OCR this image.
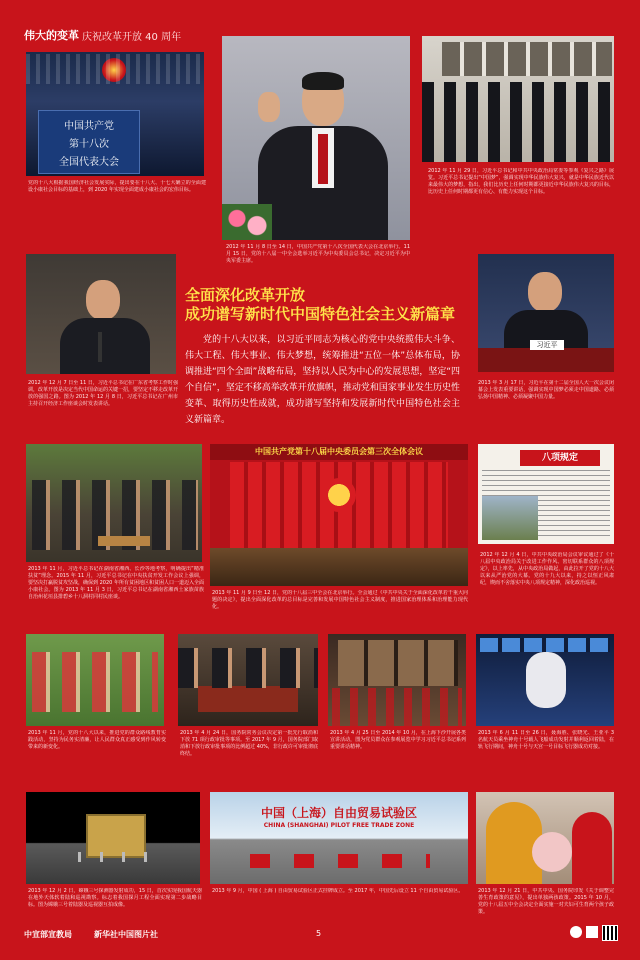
伟大的变革 庆祝改革开放 40 周年
中国共产党
第十八次
全国代表大会
党的十八大根据我国经济社会发展实际，提出要在十八大、十七大确立的全面建设小康社会目标的基础上，到 2020 年实现全面建成小康社会的宏伟目标。
2012 年 11 月 8 日至 14 日，中国共产党第十八次全国代表大会在北京举行。11 月 15 日，党的十八届一中全会选举习近平为中央委员会总书记，决定习近平为中央军委主席。
2012 年 11 月 29 日，习近平总书记和中共中央政治局常委等参观《复兴之路》展览。习近平总书记提出“中国梦”，强调实现中华民族伟大复兴，就是中华民族近代以来最伟大的梦想，指出，我们比历史上任何时期都更接近中华民族伟大复兴的目标，比历史上任何时期都更有信心、有能力实现这个目标。
2012 年 12 月 7 日至 11 日，习近平总书记在广东省考察工作时强调，改革开放是决定当代中国命运的关键一招，要坚定不移走改革开放的强国之路。图为 2012 年 12 月 8 日，习近平总书记在广州市主持召开经济工作座谈会时发表讲话。
全面深化改革开放
成功谱写新时代中国特色社会主义新篇章
党的十八大以来，以习近平同志为核心的党中央统揽伟大斗争、伟大工程、伟大事业、伟大梦想，统筹推进“五位一体”总体布局，协调推进“四个全面”战略布局，坚持以人民为中心的发展思想，坚定“四个自信”，坚定不移高举改革开放旗帜，推动党和国家事业发生历史性变革、取得历史性成就，成功谱写坚持和发展新时代中国特色社会主义新篇章。
习近平
2013 年 3 月 17 日，习近平在第十二届全国人大一次会议闭幕会上发表重要讲话，强调实现中国梦必须走中国道路、必须弘扬中国精神、必须凝聚中国力量。
2013 年 11 月，习近平总书记在湖南省湘西、长沙等地考察，明确提出“精准扶贫”理念。2015 年 11 月，习近平总书记在中央扶贫开发工作会议上强调，要坚决打赢脱贫攻坚战，确保到 2020 年所有贫困地区和贫困人口一道迈入全面小康社会。图为 2013 年 11 月 3 日，习近平总书记在湖南省湘西土家族苗族自治州花垣县排碧乡十八洞村同村民座谈。
中国共产党第十八届中央委员会第三次全体会议
2013 年 11 月 9 日至 12 日，党的十八届三中全会在北京举行。全会通过《中共中央关于全面深化改革若干重大问题的决定》，提出全面深化改革的总目标是完善和发展中国特色社会主义制度，推进国家治理体系和治理能力现代化。
八项规定
2012 年 12 月 4 日，中共中央政治局会议审议通过了《十八届中央政治局关于改进工作作风、密切联系群众的八项规定》，以上率先，从中央政治局做起，由此拉开了党的十八大以来从严治党的大幕。党的十九大以来，持之以恒正风肃纪，锲而不舍落实中央八项规定精神，深化政治巡视。
2013 年 11 月，党的十八大以来，推进党的群众路线教育实践活动，坚持为民务实清廉，让人民群众真正感受到作风转变带来的新变化。
2013 年 4 月 24 日，国务院常务会议决定第一批先行取消和下放 71 项行政审批等事项。至 2017 年 9 月，国务院部门取消和下放行政审批事项的比例超过 40%，非行政许可审批彻底终结。
2013 年 4 月 25 日至 2014 年 10 月，在上海下沙开展各类宣讲活动，图为党员群众在参观展览中学习习近平总书记系列重要讲话精神。
2013 年 6 月 11 日至 26 日，聂海胜、张晓光、王亚平 3 名航天员乘坐神舟十号载人飞船成功发射并顺利返回着陆，在轨飞行期间，神舟十号与天宫一号目标飞行器成功对接。
2013 年 12 月 2 日，嫦娥三号探测器发射成功，15 日，首次实现我国航天器在地外天体软着陆和巡视勘察。标志着我国探月工程全面实现第二步战略目标。图为嫦娥三号着陆器及巡视器互拍成像。
中国（上海）自由贸易试验区
CHINA (SHANGHAI) PILOT FREE TRADE ZONE
2013 年 9 月，中国 ( 上海 ) 自由贸易试验区正式挂牌成立。至 2017 年，中国先后设立 11 个自由贸易试验区。	2013 年 12 月 21 日，中共中央、国务院印发《关于调整完善生育政策的意见》，提出单独两孩政策。2015 年 10 月，党的十八届五中全会决定全面实施一对夫妇可生育两个孩子政策。
中宣部宣教局	新华社中国图片社	5
